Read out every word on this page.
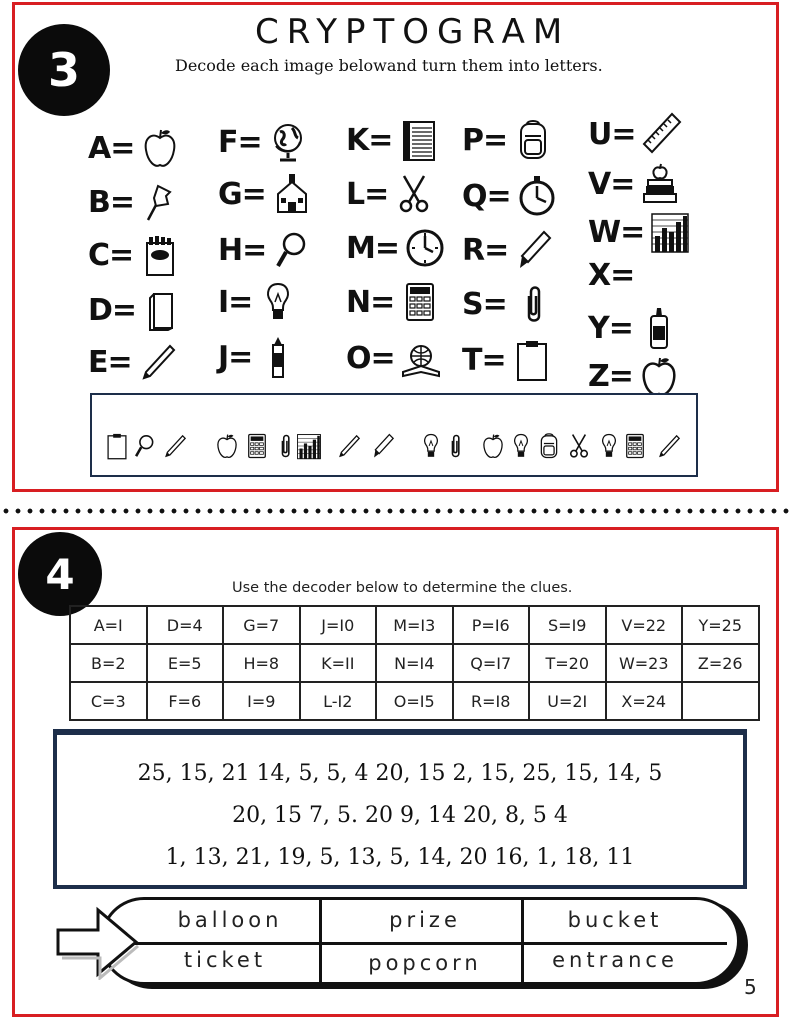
3
CRYPTOGRAM
Decode each image belowand turn them into letters.
A=
B=
C=
D=
E=
F=
G=
H=
I=
J=
K=
L=
M=
N=
O=
P=
Q=
R=
S=
T=
U=
V=
W=
X=
Y=
Z=
4	Use the decoder below to determine the clues.
A=I	D=4	G=7	J=I0	M=I3	P=I6	S=I9	V=22	Y=25
B=2	E=5	H=8	K=II	N=I4	Q=I7	T=20	W=23	Z=26
C=3	F=6	I=9	L-I2	O=I5	R=I8	U=2I	X=24	
25, 15, 21 14, 5, 5, 4 20, 15 2, 15, 25, 15, 14, 5
20, 15 7, 5. 20 9, 14 20, 8, 5 4
1, 13, 21, 19, 5, 13, 5, 14, 20 16, 1, 18, 11
balloon	prize	bucket
ticket	popcorn	entrance
5
